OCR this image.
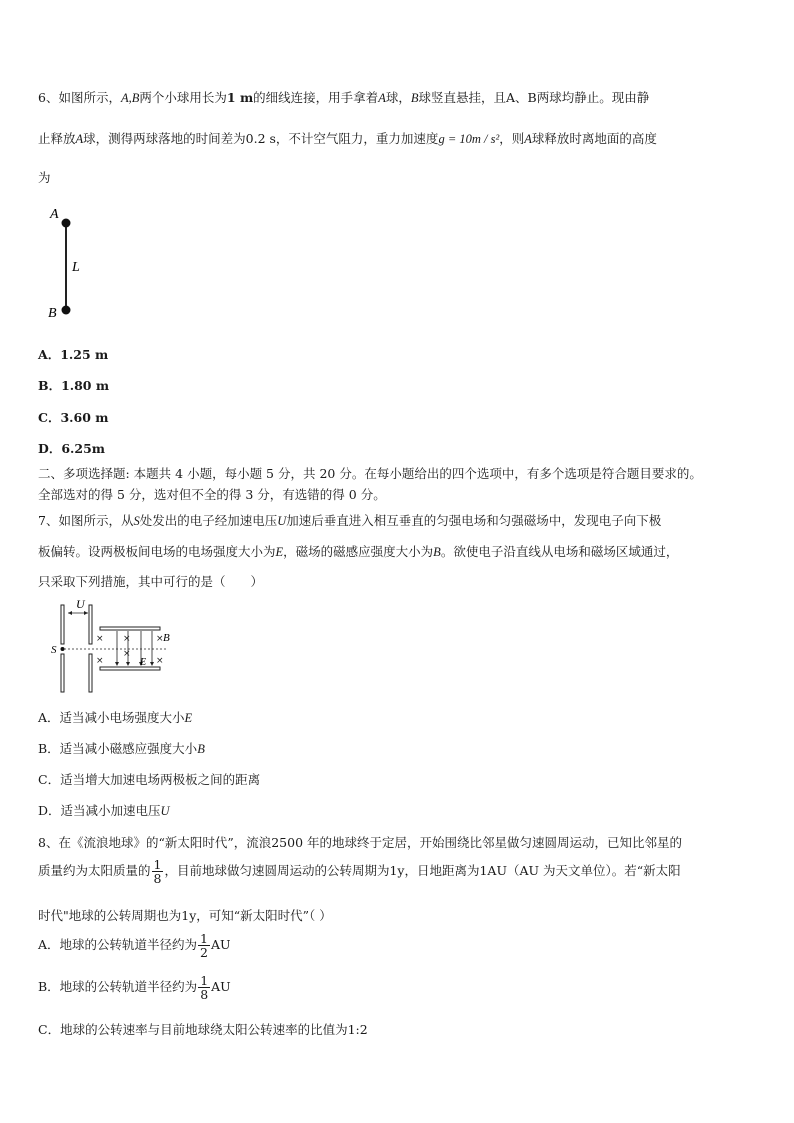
6、如图所示，A,B两个小球用长为1 m的细线连接，用手拿着A球，B球竖直悬挂，且A、B两球均静止。现由静
止释放A球，测得两球落地的时间差为0.2 s，不计空气阻力，重力加速度g = 10m / s²，则A球释放时离地面的高度
为
A
B
L
A．1.25 m
B．1.80 m
C．3.60 m
D．6.25m
二、多项选择题: 本题共 4 小题，每小题 5 分，共 20 分。在每小题给出的四个选项中，有多个选项是符合题目要求的。
全部选对的得 5 分，选对但不全的得 3 分，有选错的得 0 分。
7、如图所示，从S处发出的电子经加速电压U加速后垂直进入相互垂直的匀强电场和匀强磁场中，发现电子向下极
板偏转。设两极板间电场的电场强度大小为E，磁场的磁感应强度大小为B。欲使电子沿直线从电场和磁场区域通过，
只采取下列措施，其中可行的是（　　）
U
S
×
×
×
×
×
×
B
E
A．适当减小电场强度大小E
B．适当减小磁感应强度大小B
C．适当增大加速电场两极板之间的距离
D．适当减小加速电压U
8、在《流浪地球》的“新太阳时代”，流浪2500 年的地球终于定居，开始围绕比邻星做匀速圆周运动，已知比邻星的
质量约为太阳质量的 $\frac{1}{8}$ ，目前地球做匀速圆周运动的公转周期为1y，日地距离为1AU（AU 为天文单位）。若“新太阳
时代"地球的公转周期也为1y，可知“新太阳时代”（ ）
A．地球的公转轨道半径约为 $\frac{1}{2}$ AU
B．地球的公转轨道半径约为 $\frac{1}{8}$ AU
C．地球的公转速率与目前地球绕太阳公转速率的比值为1:2
